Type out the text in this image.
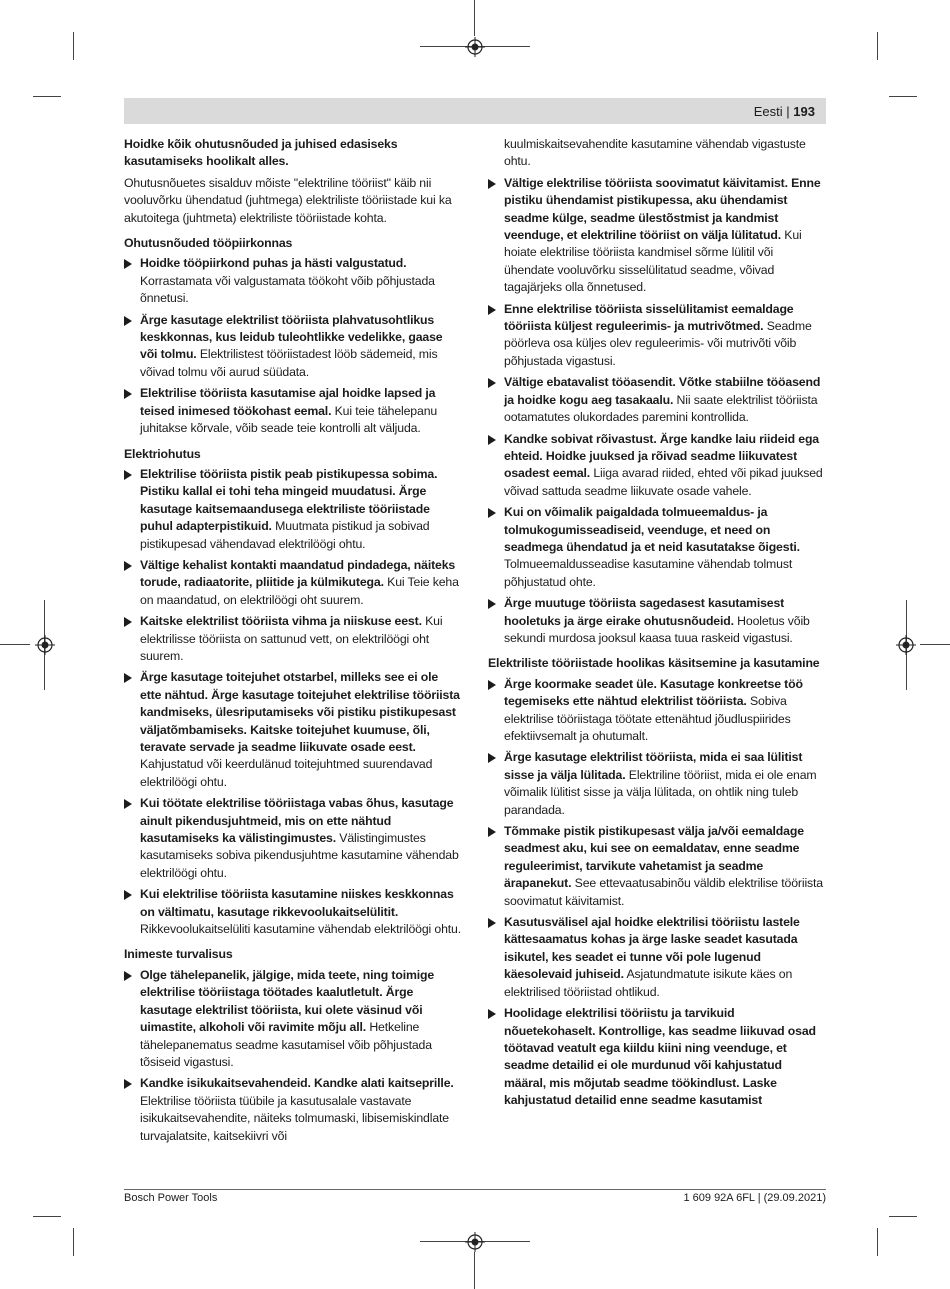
Eesti | 193
Hoidke kõik ohutusnõuded ja juhised edasiseks kasutamiseks hoolikalt alles.
Ohutusnõuetes sisalduv mõiste "elektriline tööriist" käib nii vooluvõrku ühendatud (juhtmega) elektriliste tööriistade kui ka akutoitega (juhtmeta) elektriliste tööriistade kohta.
Ohutusnõuded tööpiirkonnas
Hoidke tööpiirkond puhas ja hästi valgustatud. Korrastamata või valgustamata töökoht võib põhjustada õnnetusi.
Ärge kasutage elektrilist tööriista plahvatusohtlikus keskkonnas, kus leidub tuleohtlikke vedelikke, gaase või tolmu. Elektrilistest tööriistadest lööb sädemeid, mis võivad tolmu või aurud süüdata.
Elektrilise tööriista kasutamise ajal hoidke lapsed ja teised inimesed töökohast eemal. Kui teie tähelepanu juhitakse kõrvale, võib seade teie kontrolli alt väljuda.
Elektriohutus
Elektrilise tööriista pistik peab pistikupessa sobima. Pistiku kallal ei tohi teha mingeid muudatusi. Ärge kasutage kaitsemaandusega elektriliste tööriistade puhul adapterpistikuid. Muutmata pistikud ja sobivad pistikupesad vähendavad elektrilöögi ohtu.
Vältige kehalist kontakti maandatud pindadega, näiteks torude, radiaatorite, pliitide ja külmikutega. Kui Teie keha on maandatud, on elektrilöögi oht suurem.
Kaitske elektrilist tööriista vihma ja niiskuse eest. Kui elektrilisse tööriista on sattunud vett, on elektrilöögi oht suurem.
Ärge kasutage toitejuhet otstarbel, milleks see ei ole ette nähtud. Ärge kasutage toitejuhet elektrilise tööriista kandmiseks, ülesriputamiseks või pistiku pistikupesast väljatõmbamiseks. Kaitske toitejuhet kuumuse, õli, teravate servade ja seadme liikuvate osade eest. Kahjustatud või keerdulänud toitejuhtmed suurendavad elektrilöögi ohtu.
Kui töötate elektrilise tööriistaga vabas õhus, kasutage ainult pikendusjuhtmeid, mis on ette nähtud kasutamiseks ka välistingimustes. Välistingimustes kasutamiseks sobiva pikendusjuhtme kasutamine vähendab elektrilöögi ohtu.
Kui elektrilise tööriista kasutamine niiskes keskkonnas on vältimatu, kasutage rikkevoolukaitselülitit. Rikkevoolukaitselüliti kasutamine vähendab elektrilöögi ohtu.
Inimeste turvalisus
Olge tähelepanelik, jälgige, mida teete, ning toimige elektrilise tööriistaga töötades kaalutletult. Ärge kasutage elektrilist tööriista, kui olete väsinud või uimastite, alkoholi või ravimite mõju all. Hetkeline tähelepanematus seadme kasutamisel võib põhjustada tõsiseid vigastusi.
Kandke isikukaitsevahendeid. Kandke alati kaitseprille. Elektrilise tööriista tüübile ja kasutusalale vastavate isikukaitsevahendite, näiteks tolmumaski, libisemiskindlate turvajalatsite, kaitsekiivri või
kuulmiskaitsevahendite kasutamine vähendab vigastuste ohtu.
Vältige elektrilise tööriista soovimatut käivitamist. Enne pistiku ühendamist pistikupessa, aku ühendamist seadme külge, seadme ülestõstmist ja kandmist veenduge, et elektriline tööriist on välja lülitatud. Kui hoiate elektrilise tööriista kandmisel sõrme lülitil või ühendate vooluvõrku sisselülitatud seadme, võivad tagajärjeks olla õnnetused.
Enne elektrilise tööriista sisselülitamist eemaldage tööriista küljest reguleerimis- ja mutrivõtmed. Seadme pöörleva osa küljes olev reguleerimis- või mutrivõti võib põhjustada vigastusi.
Vältige ebatavalist tööasendit. Võtke stabiilne tööasend ja hoidke kogu aeg tasakaalu. Nii saate elektrilist tööriista ootamatutes olukordades paremini kontrollida.
Kandke sobivat rõivastust. Ärge kandke laiu riideid ega ehteid. Hoidke juuksed ja rõivad seadme liikuvatest osadest eemal. Liiga avarad riided, ehted või pikad juuksed võivad sattuda seadme liikuvate osade vahele.
Kui on võimalik paigaldada tolmueemaldus- ja tolmukogumisseadiseid, veenduge, et need on seadmega ühendatud ja et neid kasutatakse õigesti. Tolmueemaldusseadise kasutamine vähendab tolmust põhjustatud ohte.
Ärge muutuge tööriista sagedasest kasutamisest hooletuks ja ärge eirake ohutusnõudeid. Hooletus võib sekundi murdosa jooksul kaasa tuua raskeid vigastusi.
Elektriliste tööriistade hoolikas käsitsemine ja kasutamine
Ärge koormake seadet üle. Kasutage konkreetse töö tegemiseks ette nähtud elektrilist tööriista. Sobiva elektrilise tööriistaga töötate ettenähtud jõudluspiirides efektiivsemalt ja ohutumalt.
Ärge kasutage elektrilist tööriista, mida ei saa lülitist sisse ja välja lülitada. Elektriline tööriist, mida ei ole enam võimalik lülitist sisse ja välja lülitada, on ohtlik ning tuleb parandada.
Tõmmake pistik pistikupesast välja ja/või eemaldage seadmest aku, kui see on eemaldatav, enne seadme reguleerimist, tarvikute vahetamist ja seadme ärapanekut. See ettevaatusabinõu väldib elektrilise tööriista soovimatut käivitamist.
Kasutusvälisel ajal hoidke elektrilisi tööriistu lastele kättesaamatus kohas ja ärge laske seadet kasutada isikutel, kes seadet ei tunne või pole lugenud käesolevaid juhiseid. Asjatundmatute isikute käes on elektrilised tööriistad ohtlikud.
Hoolidage elektrilisi tööriistu ja tarvikuid nõuetekohaselt. Kontrollige, kas seadme liikuvad osad töötavad veatult ega kiildu kiini ning veenduge, et seadme detailid ei ole murdunud või kahjustatud määral, mis mõjutab seadme töökindlust. Laske kahjustatud detailid enne seadme kasutamist
Bosch Power Tools	1 609 92A 6FL | (29.09.2021)
